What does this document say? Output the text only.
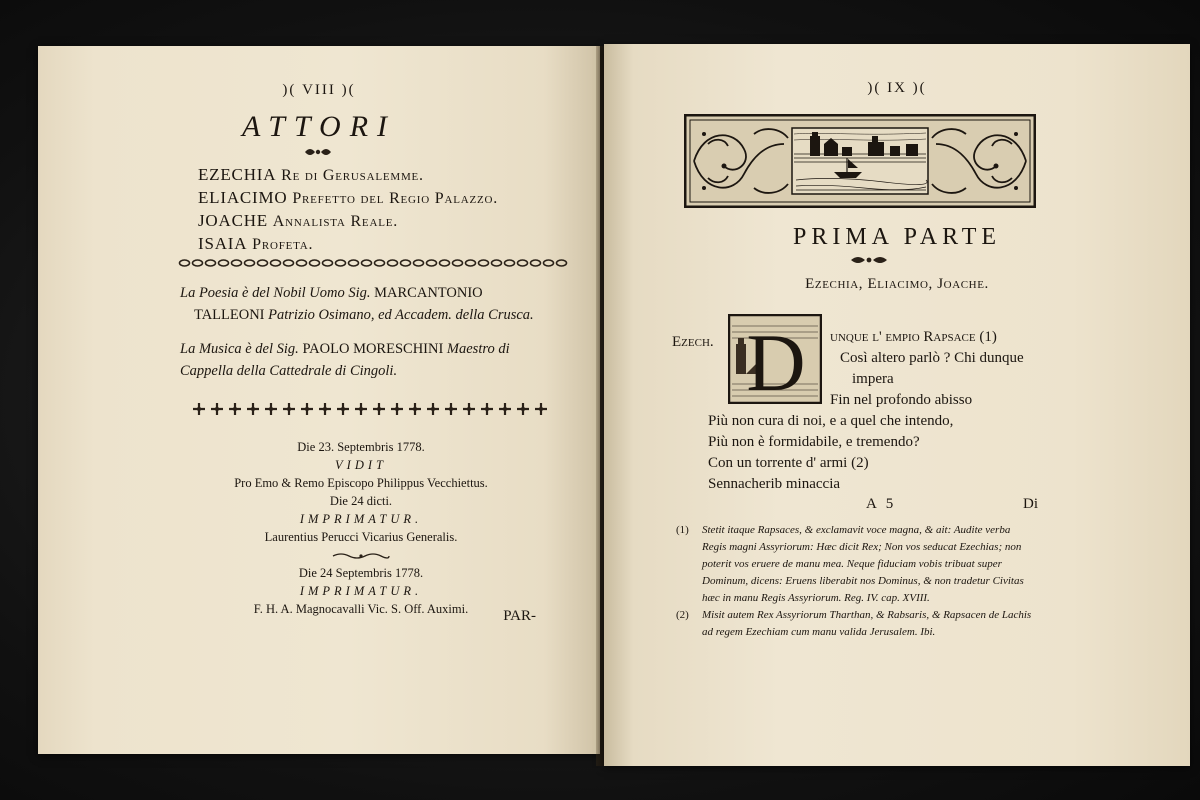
)( VIII )(
ATTORI
EZECHIA Re di Gerusalemme.
ELIACIMO Prefetto del Regio Palazzo.
JOACHE Annalista Reale.
ISAIA Profeta.

La Poesia è del Nobil Uomo Sig. MARCANTONIO
TALLEONI Patrizio Osimano, ed Accadem. della Crusca.

La Musica è del Sig. PAOLO MORESCHINI Maestro di Cappella della Cattedrale di Cingoli.

Die 23. Septembris 1778.
VIDIT
Pro Emo & Remo Episcopo Philippus Vecchiettus.
Die 24 dicti.
IMPRIMATUR.
Laurentius Perucci Vicarius Generalis.
Die 24 Septembris 1778.
IMPRIMATUR.
F. H. A. Magnocavalli Vic. S. Off. Auximi.	PAR-
)( IX )(
PRIMA PARTE
Ezechia, Eliacimo, Joache.
Ezech. D unque l' empio Rapsace (1)
Così altero parlò ? Chi dunque
impera
Fin nel profondo abisso
Più non cura di noi, e a quel che intendo,
Più non è formidabile, e tremendo?
Con un torrente d' armi (2)
Sennacherib minaccia
A 5	Di
(1) Stetit itaque Rapsaces, & exclamavit voce magna, & ait: Audite verba Regis magni Assyriorum: Hæc dicit Rex; Non vos seducat Ezechias; non poterit vos eruere de manu mea. Neque fiduciam vobis tribuat super Dominum, dicens: Eruens liberabit nos Dominus, & non tradetur Civitas hæc in manu Regis Assyriorum. Reg. IV. cap. XVIII.
(2) Misit autem Rex Assyriorum Tharthan, & Rabsaris, & Rapsacen de Lachis ad regem Ezechiam cum manu valida Jerusalem. Ibi.
